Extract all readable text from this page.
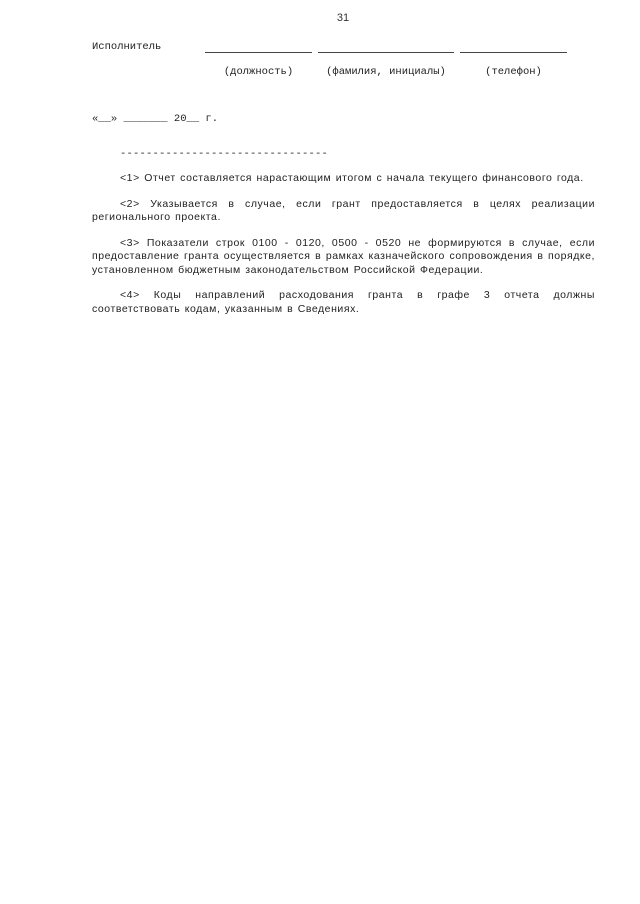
31
Исполнитель
(должность)	(фамилия, инициалы)	(телефон)
«__» _______ 20__ г.
--------------------------------

<1> Отчет составляется нарастающим итогом с начала текущего финансового года.

<2> Указывается в случае, если грант предоставляется в целях реализации регионального проекта.

<3> Показатели строк 0100 - 0120, 0500 - 0520 не формируются в случае, если предоставление гранта осуществляется в рамках казначейского сопровождения в порядке, установленном бюджетным законодательством Российской Федерации.

<4> Коды направлений расходования гранта в графе 3 отчета должны соответствовать кодам, указанным в Сведениях.
